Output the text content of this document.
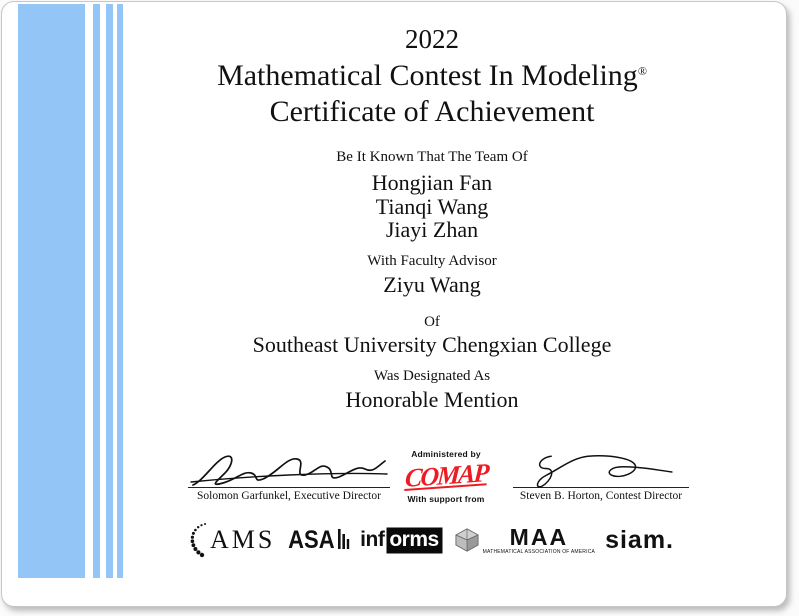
2022
Mathematical Contest In Modeling®
Certificate of Achievement
Be It Known That The Team Of
Hongjian Fan
Tianqi Wang
Jiayi Zhan
With Faculty Advisor
Ziyu Wang
Of
Southeast University Chengxian College
Was Designated As
Honorable Mention
Solomon Garfunkel, Executive Director
Administered by
COMAP
With support from	Steven B. Horton, Contest Director
AMS ASA inf orms	MAA
MATHEMATICAL ASSOCIATION OF AMERICA siam.
